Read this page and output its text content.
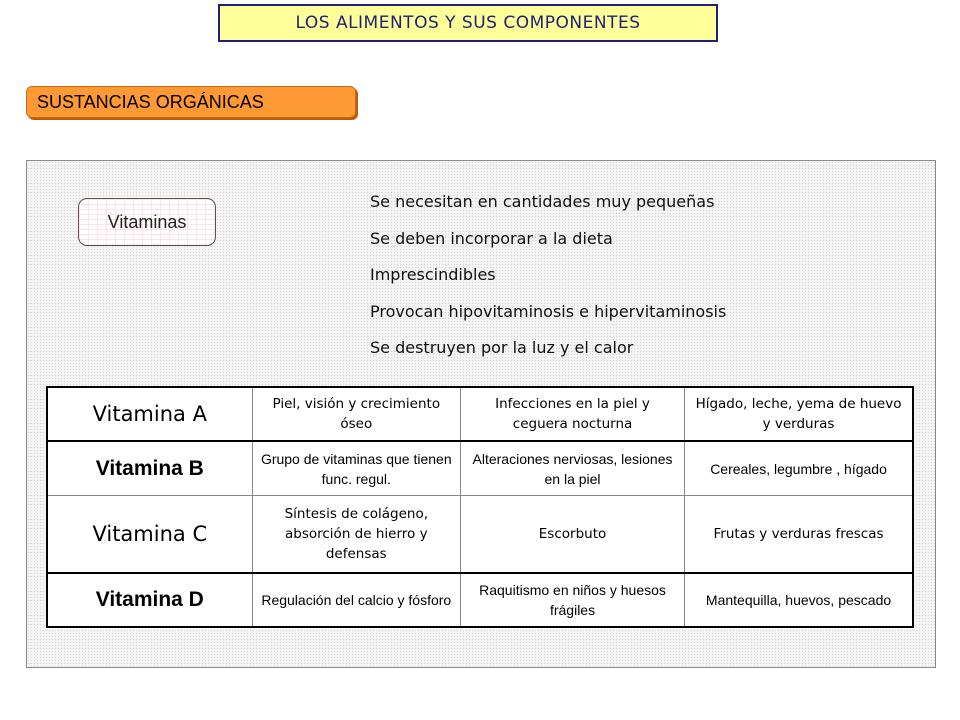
LOS ALIMENTOS Y SUS COMPONENTES
SUSTANCIAS ORGÁNICAS
Vitaminas
Se necesitan en cantidades muy pequeñas
Se deben incorporar a la dieta
Imprescindibles
Provocan hipovitaminosis e hipervitaminosis
Se destruyen por la luz y el calor
Vitamina A	Piel, visión y crecimiento óseo	Infecciones en la piel y ceguera nocturna	Hígado, leche, yema de huevo y verduras
Vitamina B	Grupo de vitaminas que tienen func. regul.	Alteraciones nerviosas, lesiones en la piel	Cereales, legumbre , hígado
Vitamina C	Síntesis de colágeno, absorción de hierro y defensas	Escorbuto	Frutas y verduras frescas
Vitamina D	Regulación del calcio y fósforo	Raquitismo en niños y huesos frágiles	Mantequilla, huevos, pescado
